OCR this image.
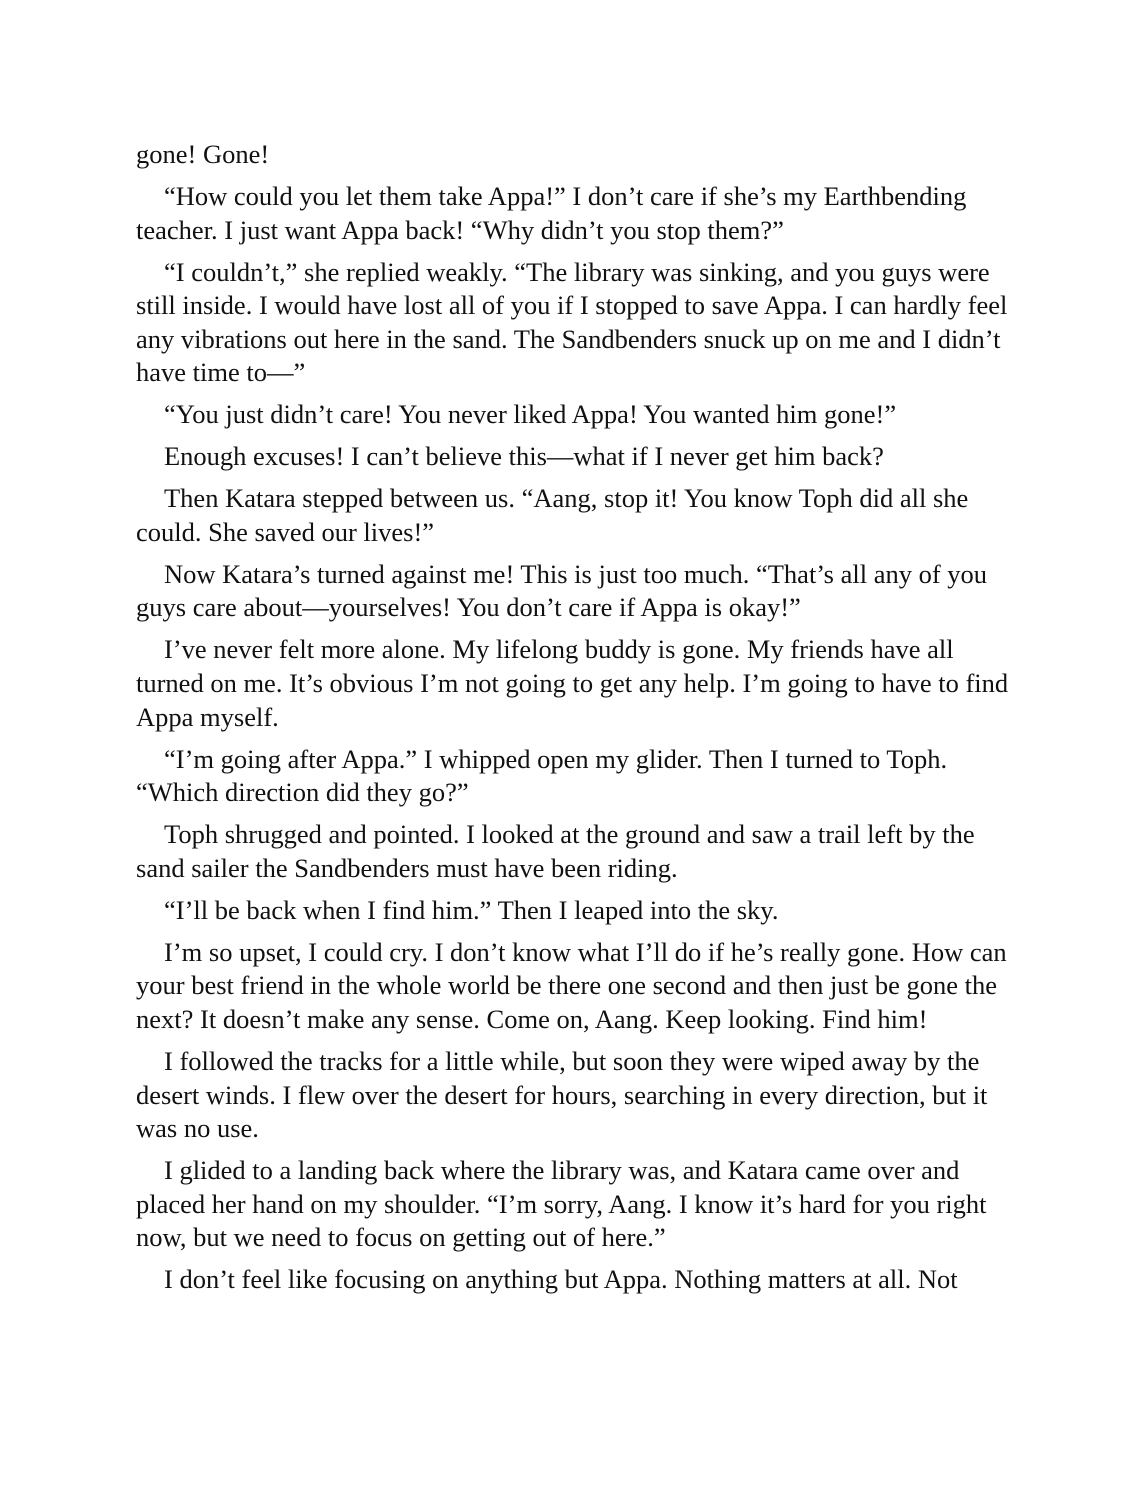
gone! Gone!

“How could you let them take Appa!” I don’t care if she’s my Earthbending teacher. I just want Appa back! “Why didn’t you stop them?”

“I couldn’t,” she replied weakly. “The library was sinking, and you guys were still inside. I would have lost all of you if I stopped to save Appa. I can hardly feel any vibrations out here in the sand. The Sandbenders snuck up on me and I didn’t have time to—”

“You just didn’t care! You never liked Appa! You wanted him gone!”

Enough excuses! I can’t believe this—what if I never get him back?

Then Katara stepped between us. “Aang, stop it! You know Toph did all she could. She saved our lives!”

Now Katara’s turned against me! This is just too much. “That’s all any of you guys care about—yourselves! You don’t care if Appa is okay!”

I’ve never felt more alone. My lifelong buddy is gone. My friends have all turned on me. It’s obvious I’m not going to get any help. I’m going to have to find Appa myself.

“I’m going after Appa.” I whipped open my glider. Then I turned to Toph. “Which direction did they go?”

Toph shrugged and pointed. I looked at the ground and saw a trail left by the sand sailer the Sandbenders must have been riding.

“I’ll be back when I find him.” Then I leaped into the sky.

I’m so upset, I could cry. I don’t know what I’ll do if he’s really gone. How can your best friend in the whole world be there one second and then just be gone the next? It doesn’t make any sense. Come on, Aang. Keep looking. Find him!

I followed the tracks for a little while, but soon they were wiped away by the desert winds. I flew over the desert for hours, searching in every direction, but it was no use.

I glided to a landing back where the library was, and Katara came over and placed her hand on my shoulder. “I’m sorry, Aang. I know it’s hard for you right now, but we need to focus on getting out of here.”

I don’t feel like focusing on anything but Appa. Nothing matters at all. Not
